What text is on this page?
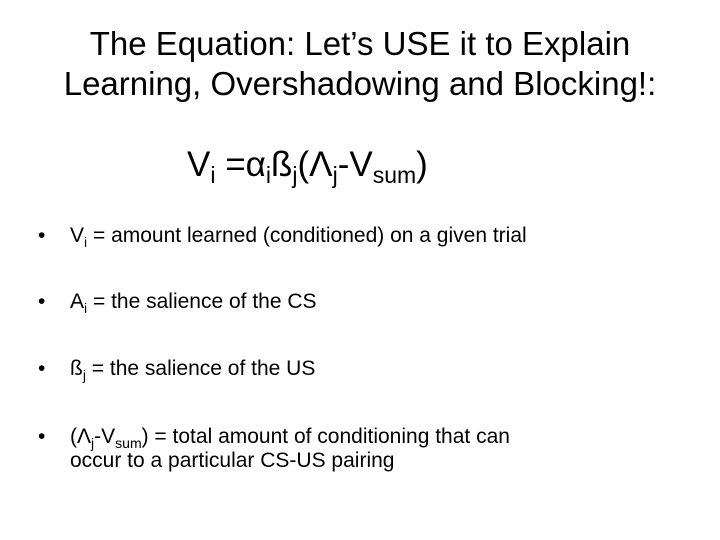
The Equation: Let’s USE it to Explain
Learning, Overshadowing and Blocking!:
$V_i$ $=\alpha_iß_j(\Lambda_j-V_{sum})$
•	$V_i$ = amount learned (conditioned) on a given trial
•	$A_i$ = the salience of the CS
•	$ß_j$ = the salience of the US
•	$(\Lambda_j-V_{sum})$ = total amount of conditioning that can
occur to a particular CS-US pairing
